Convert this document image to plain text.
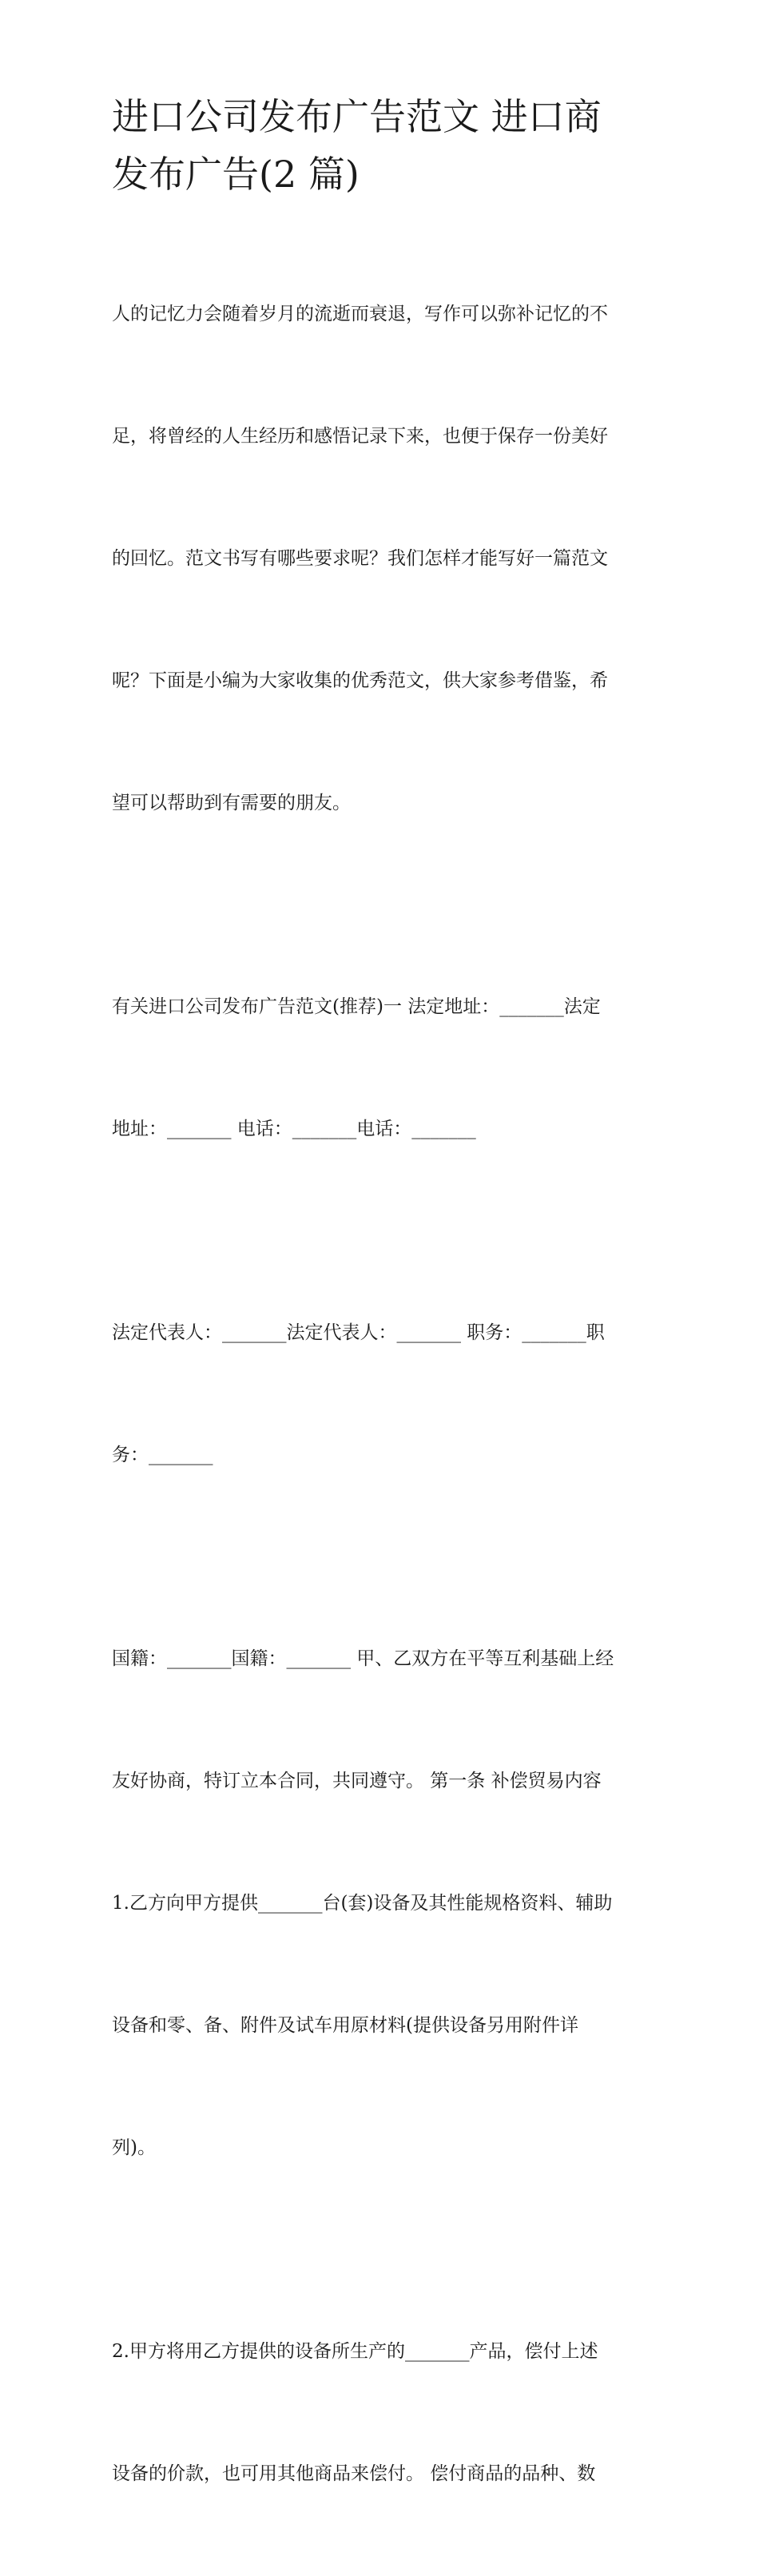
进口公司发布广告范文 进口商
发布广告(2 篇)

人的记忆力会随着岁月的流逝而衰退，写作可以弥补记忆的不

足，将曾经的人生经历和感悟记录下来，也便于保存一份美好

的回忆。范文书写有哪些要求呢？我们怎样才能写好一篇范文

呢？下面是小编为大家收集的优秀范文，供大家参考借鉴，希

望可以帮助到有需要的朋友。

有关进口公司发布广告范文(推荐)一 法定地址：_______法定

地址：_______ 电话：_______电话：_______

法定代表人：_______法定代表人：_______ 职务：_______职

务：_______

国籍：_______国籍：_______ 甲、乙双方在平等互利基础上经

友好协商，特订立本合同，共同遵守。 第一条 补偿贸易内容

1.乙方向甲方提供_______台(套)设备及其性能规格资料、辅助

设备和零、备、附件及试车用原材料(提供设备另用附件详

列)。

2.甲方将用乙方提供的设备所生产的_______产品，偿付上述

设备的价款，也可用其他商品来偿付。 偿付商品的品种、数
